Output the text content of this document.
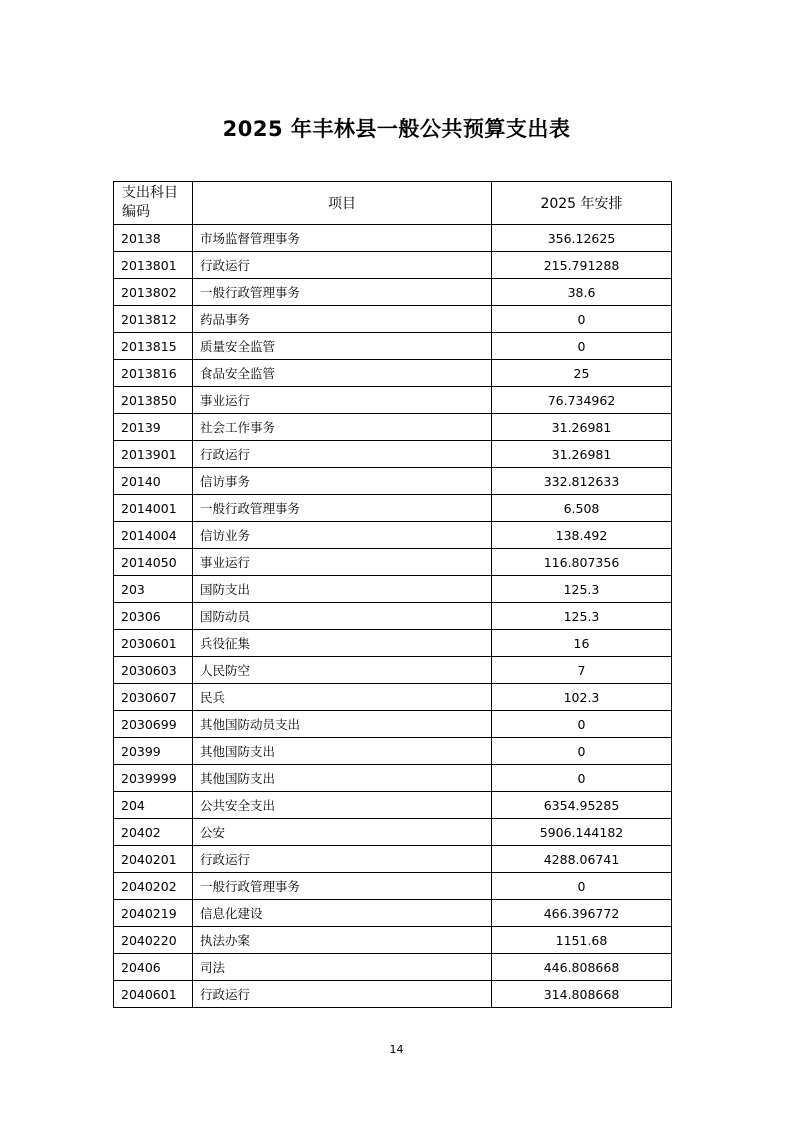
2025 年丰林县一般公共预算支出表
支出科目编码	项目	2025 年安排
20138	市场监督管理事务	356.12625
2013801	行政运行	215.791288
2013802	一般行政管理事务	38.6
2013812	药品事务	0
2013815	质量安全监管	0
2013816	食品安全监管	25
2013850	事业运行	76.734962
20139	社会工作事务	31.26981
2013901	行政运行	31.26981
20140	信访事务	332.812633
2014001	一般行政管理事务	6.508
2014004	信访业务	138.492
2014050	事业运行	116.807356
203	国防支出	125.3
20306	国防动员	125.3
2030601	兵役征集	16
2030603	人民防空	7
2030607	民兵	102.3
2030699	其他国防动员支出	0
20399	其他国防支出	0
2039999	其他国防支出	0
204	公共安全支出	6354.95285
20402	公安	5906.144182
2040201	行政运行	4288.06741
2040202	一般行政管理事务	0
2040219	信息化建设	466.396772
2040220	执法办案	1151.68
20406	司法	446.808668
2040601	行政运行	314.808668
14
